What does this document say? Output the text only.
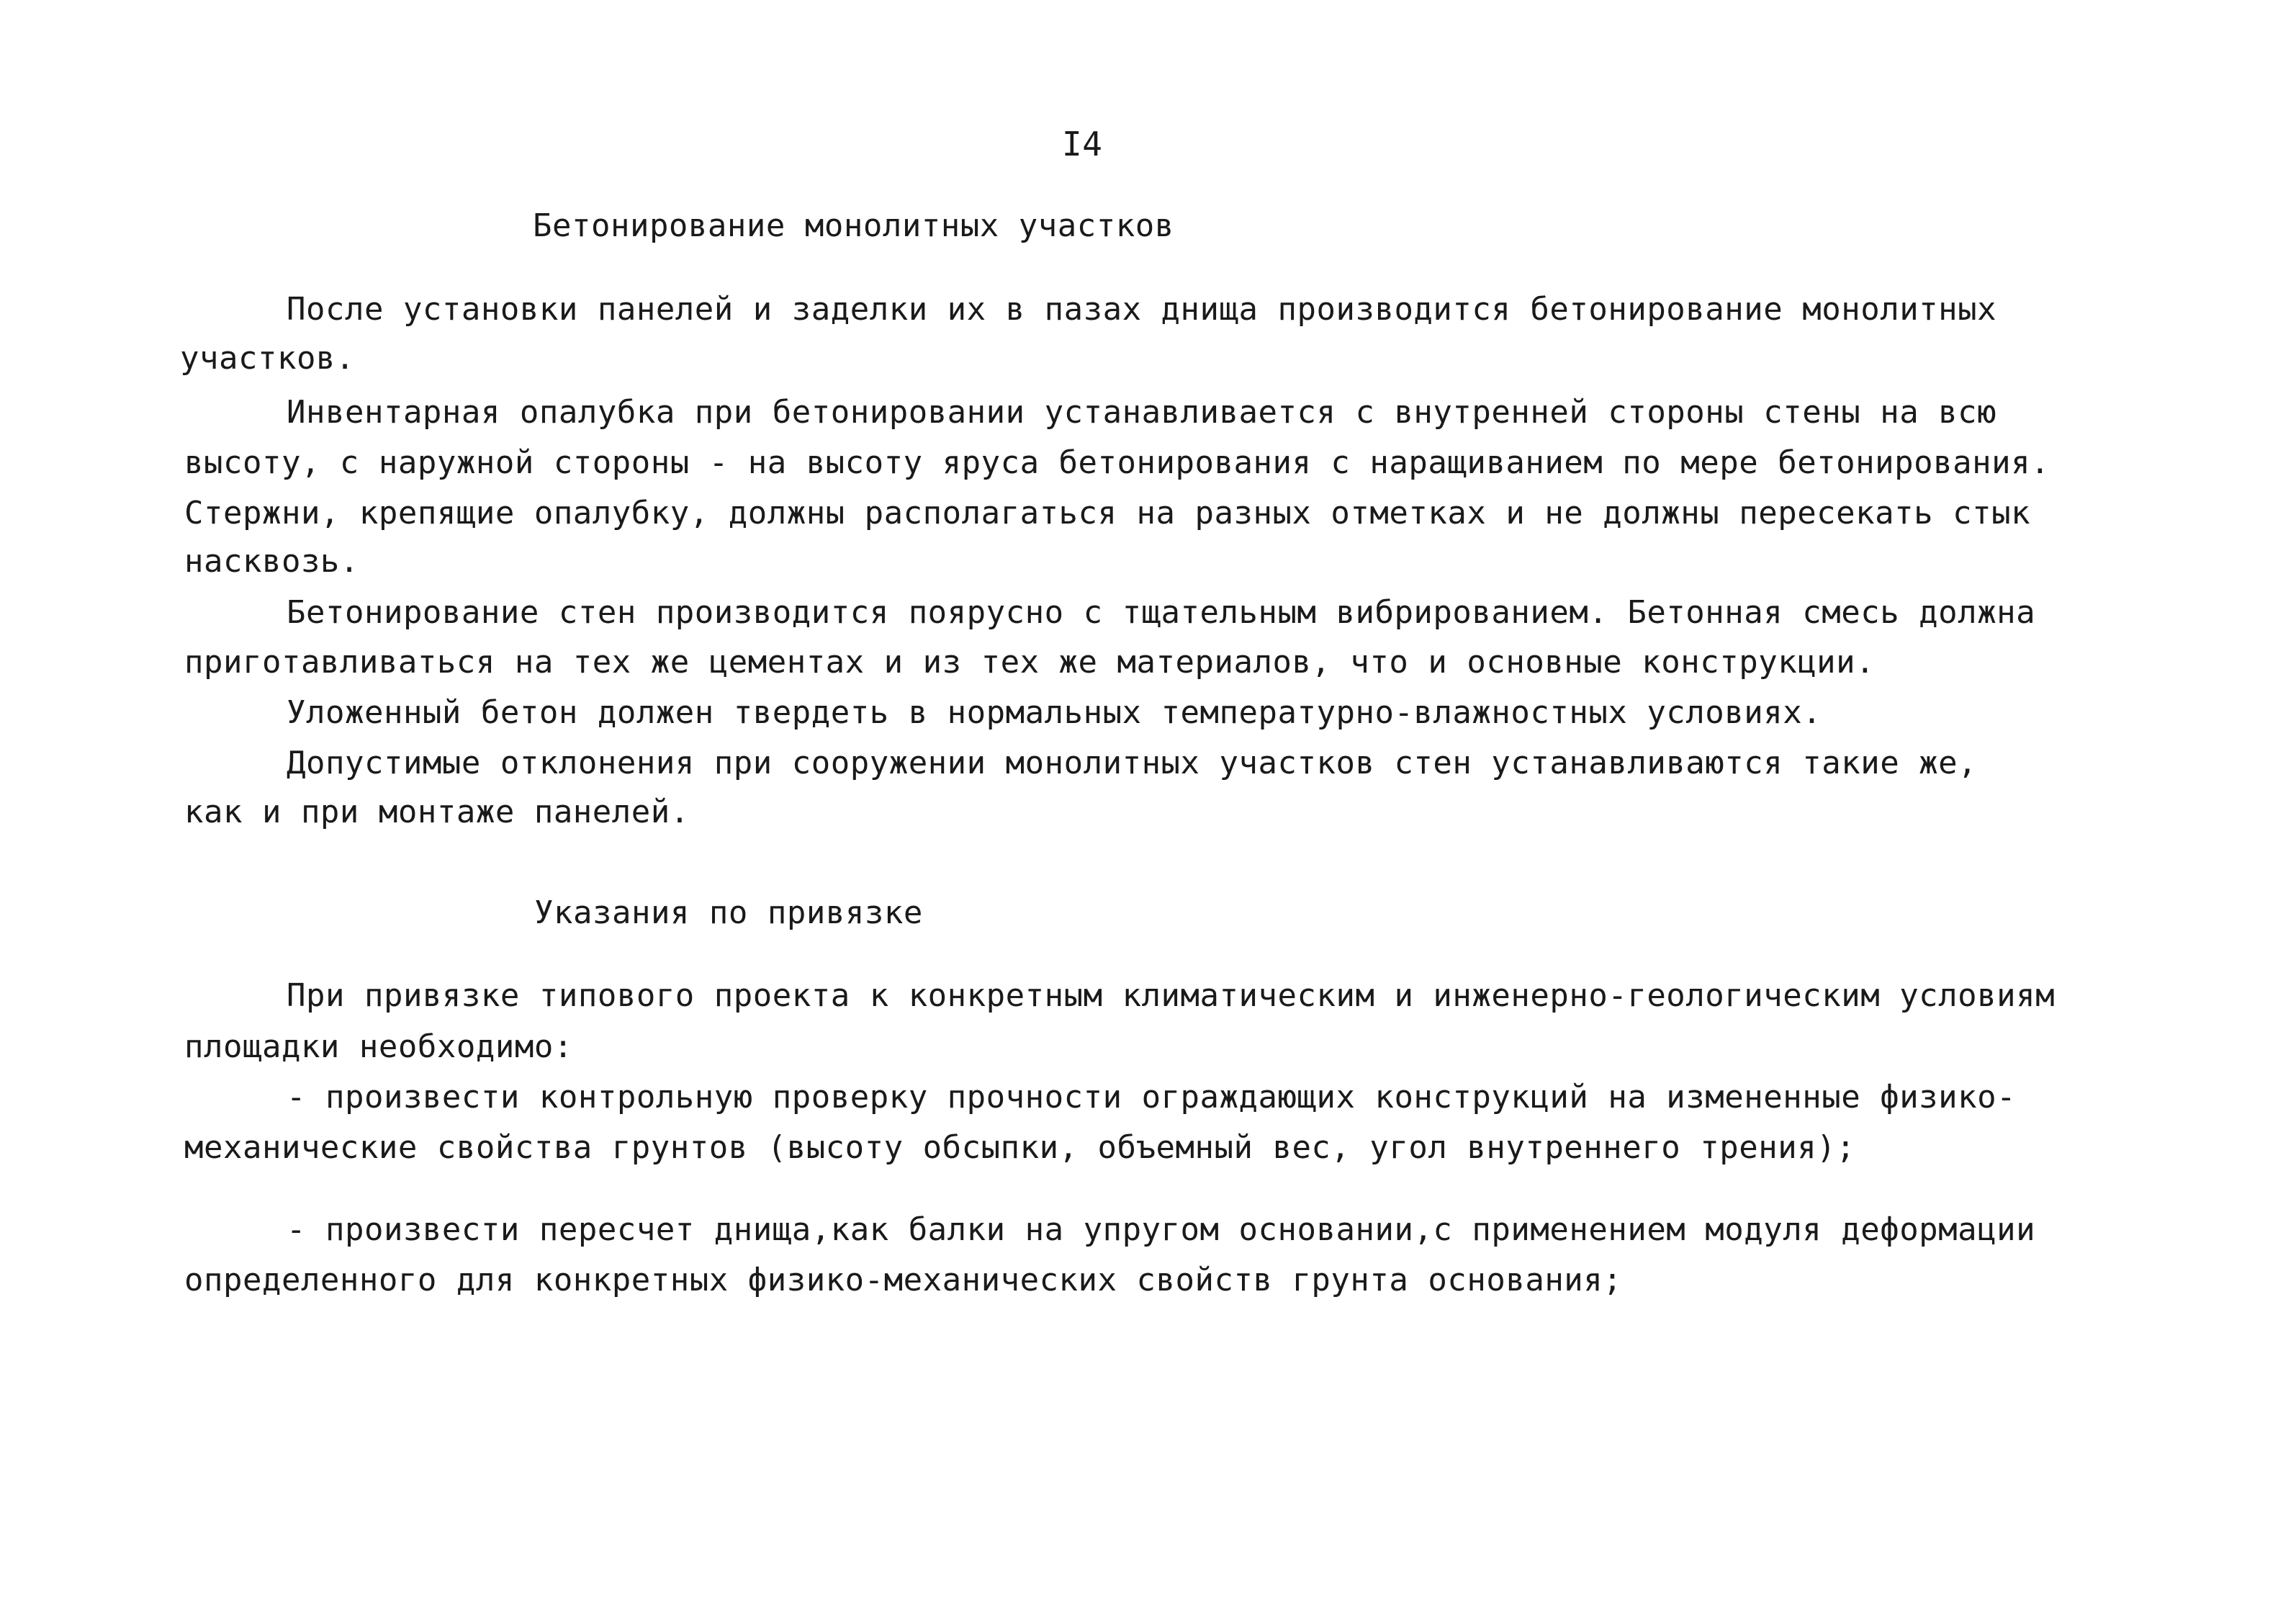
I4

Бетонирование монолитных участков

После установки панелей и заделки их в пазах днища производится бетонирование монолитных

участков.

Инвентарная опалубка при бетонировании устанавливается с внутренней стороны стены на всю

высоту, с наружной стороны - на высоту яруса бетонирования с наращиванием по мере бетонирования.

Стержни, крепящие опалубку, должны располагаться на разных отметках и не должны пересекать стык

насквозь.

Бетонирование стен производится поярусно с тщательным вибрированием. Бетонная смесь должна

приготавливаться на тех же цементах и из тех же материалов, что и основные конструкции.

Уложенный бетон должен твердеть в нормальных температурно-влажностных условиях.

Допустимые отклонения при сооружении монолитных участков стен устанавливаются такие же,

как и при монтаже панелей.

Указания по привязке

При привязке типового проекта к конкретным климатическим и инженерно-геологическим условиям

площадки необходимо:

- произвести контрольную проверку прочности ограждающих конструкций на измененные физико-

механические свойства грунтов (высоту обсыпки, объемный вес, угол внутреннего трения);

- произвести пересчет днища,как балки на упругом основании,с применением модуля деформации

определенного для конкретных физико-механических свойств грунта основания;
